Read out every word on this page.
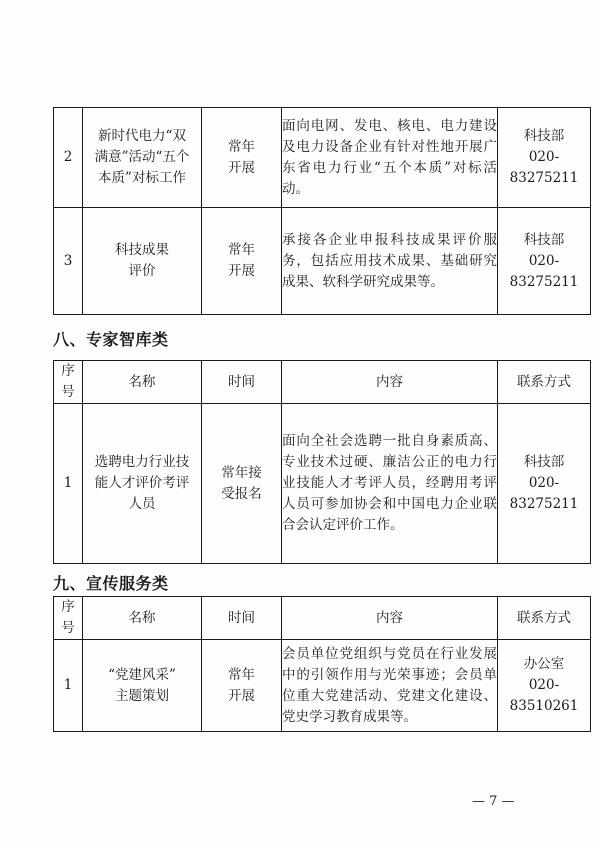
2	新时代电力“双
满意”活动“五个
本质”对标工作	常年
开展	面向电网、发电、核电、电力建设及电力设备企业有针对性地开展广东省电力行业“五个本质”对标活动。	科技部
020-83275211

3	科技成果
评价	常年
开展	承接各企业申报科技成果评价服务，包括应用技术成果、基础研究成果、软科学研究成果等。	科技部
020-83275211
八、专家智库类
序
号	名称	时间	内容	联系方式
1	选聘电力行业技
能人才评价考评
人员	常年接
受报名	面向全社会选聘一批自身素质高、专业技术过硬、廉洁公正的电力行业技能人才考评人员，经聘用考评人员可参加协会和中国电力企业联合会认定评价工作。	科技部
020-83275211
九、宣传服务类
序
号	名称	时间	内容	联系方式
1	“党建风采”
主题策划	常年
开展	会员单位党组织与党员在行业发展中的引领作用与光荣事迹；会员单位重大党建活动、党建文化建设、党史学习教育成果等。	办公室
020-83510261
— 7 —
